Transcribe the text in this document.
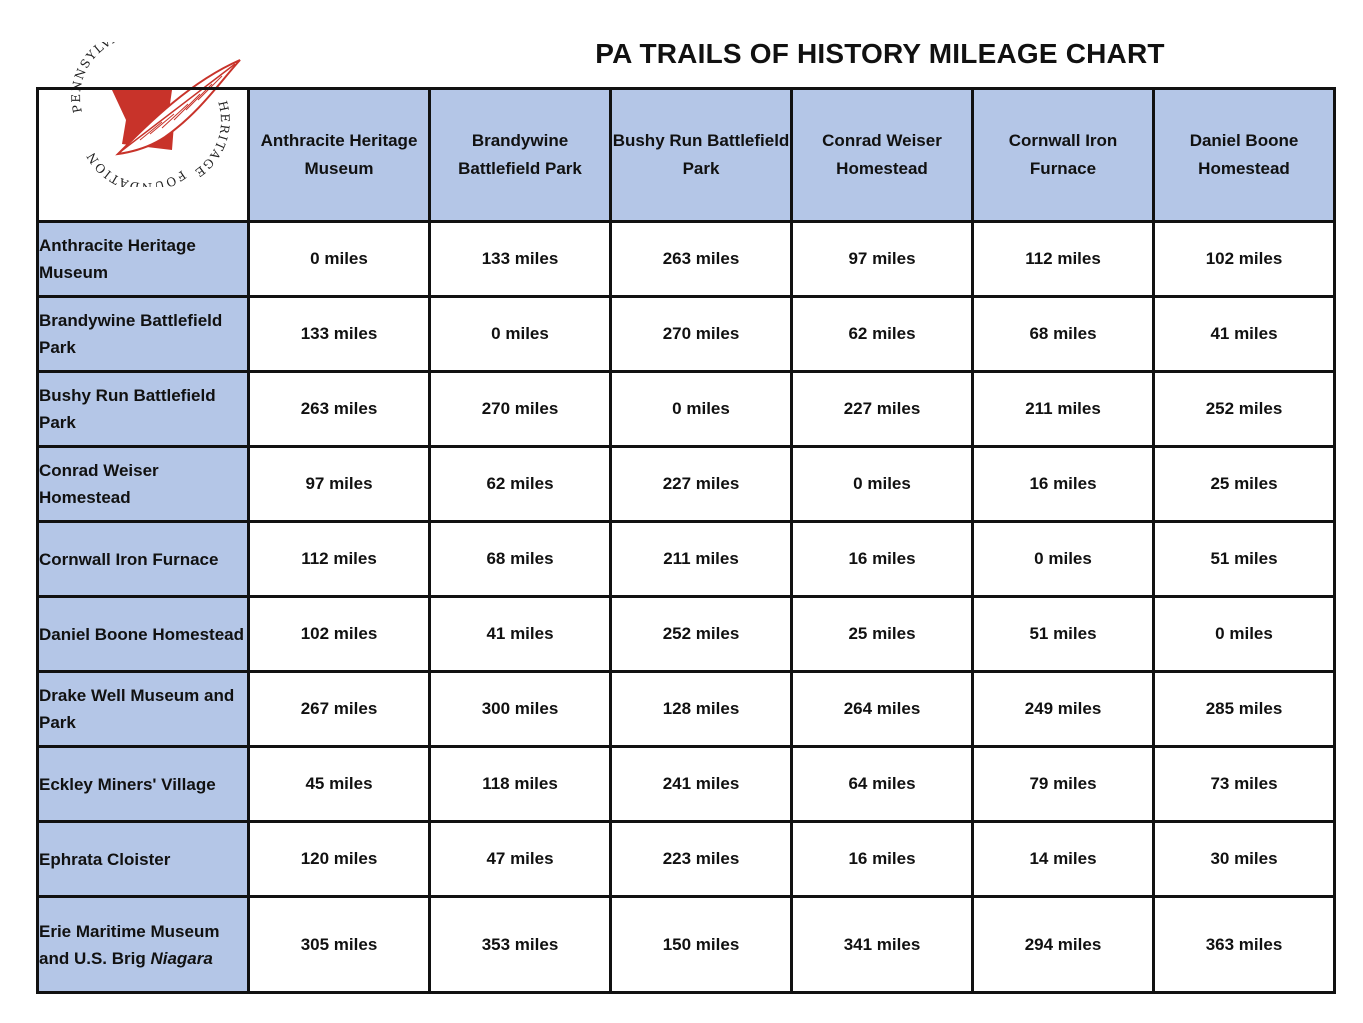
PA TRAILS OF HISTORY MILEAGE CHART
PENNSYLV
HERITAGE
FOU DATION
	Anthracite Heritage Museum	Brandywine Battlefield Park	Bushy Run Battlefield Park	Conrad Weiser Homestead	Cornwall Iron Furnace	Daniel Boone Homestead
Anthracite Heritage Museum	0 miles	133 miles	263 miles	97 miles	112 miles	102 miles
Brandywine Battlefield Park	133 miles	0 miles	270 miles	62 miles	68 miles	41 miles
Bushy Run Battlefield Park	263 miles	270 miles	0 miles	227 miles	211 miles	252 miles
Conrad Weiser Homestead	97 miles	62 miles	227 miles	0 miles	16 miles	25 miles
Cornwall Iron Furnace	112 miles	68 miles	211 miles	16 miles	0 miles	51 miles
Daniel Boone Homestead	102 miles	41 miles	252 miles	25 miles	51 miles	0 miles
Drake Well Museum and Park	267 miles	300 miles	128 miles	264 miles	249 miles	285 miles
Eckley Miners' Village	45 miles	118 miles	241 miles	64 miles	79 miles	73 miles
Ephrata Cloister	120 miles	47 miles	223 miles	16 miles	14 miles	30 miles
Erie Maritime Museum and U.S. Brig Niagara	305 miles	353 miles	150 miles	341 miles	294 miles	363 miles
